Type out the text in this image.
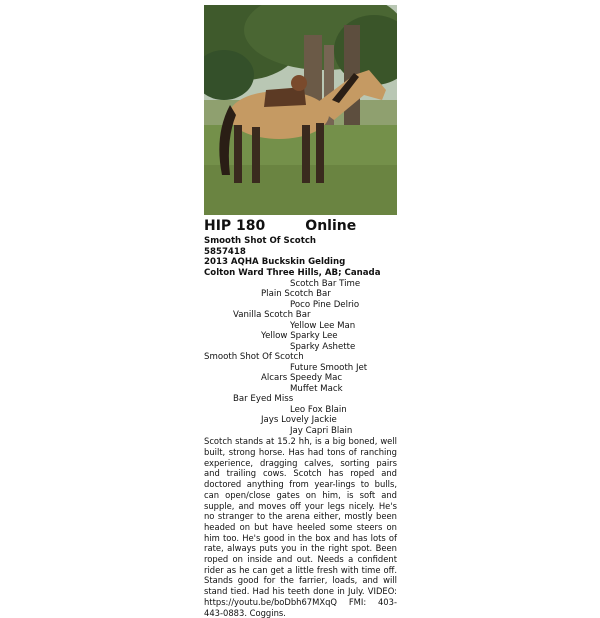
HIP 180	Online
Smooth Shot Of Scotch
5857418
2013 AQHA Buckskin Gelding
Colton Ward Three Hills, AB; Canada
Scotch Bar Time
Plain Scotch Bar
Poco Pine Delrio
Vanilla Scotch Bar
Yellow Lee Man
Yellow Sparky Lee
Sparky Ashette
Smooth Shot Of Scotch
Future Smooth Jet
Alcars Speedy Mac
Muffet Mack
Bar Eyed Miss
Leo Fox Blain
Jays Lovely Jackie
Jay Capri Blain
Scotch stands at 15.2 hh, is a big boned, well built, strong horse. Has had tons of ranching experience, dragging calves, sorting pairs and trailing cows. Scotch has roped and doctored anything from year-lings to bulls, can open/close gates on him, is soft and supple, and moves off your legs nicely. He's no stranger to the arena either, mostly been headed on but have heeled some steers on him too. He's good in the box and has lots of rate, always puts you in the right spot. Been roped on inside and out. Needs a confident rider as he can get a little fresh with time off. Stands good for the farrier, loads, and will stand tied. Had his teeth done in July. VIDEO: https://youtu.be/boDbh67MXqQ FMI: 403-443-0883. Coggins.
